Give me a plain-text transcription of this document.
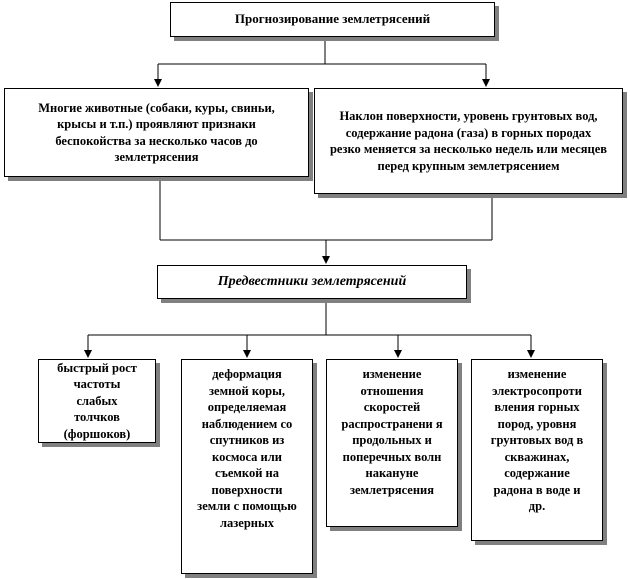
Прогнозирование землетрясений
Многие животные (собаки, куры, свиньи, крысы и т.п.) проявляют признаки беспокойства за несколько часов до землетрясения
Наклон поверхности, уровень грунтовых вод, содержание радона (газа) в горных породах резко меняется за несколько недель или месяцев перед крупным землетрясением
Предвестники землетрясений
быстрый рост частоты слабых толчков (форшоков)
деформация земной коры, определяемая наблюдением со спутников из космоса или съемкой на поверхности земли с помощью лазерных
изменение отношения скоростей распространени я продольных и поперечных волн накануне землетрясения
изменение электросопроти вления горных пород, уровня грунтовых вод в скважинах, содержание радона в воде и др.
